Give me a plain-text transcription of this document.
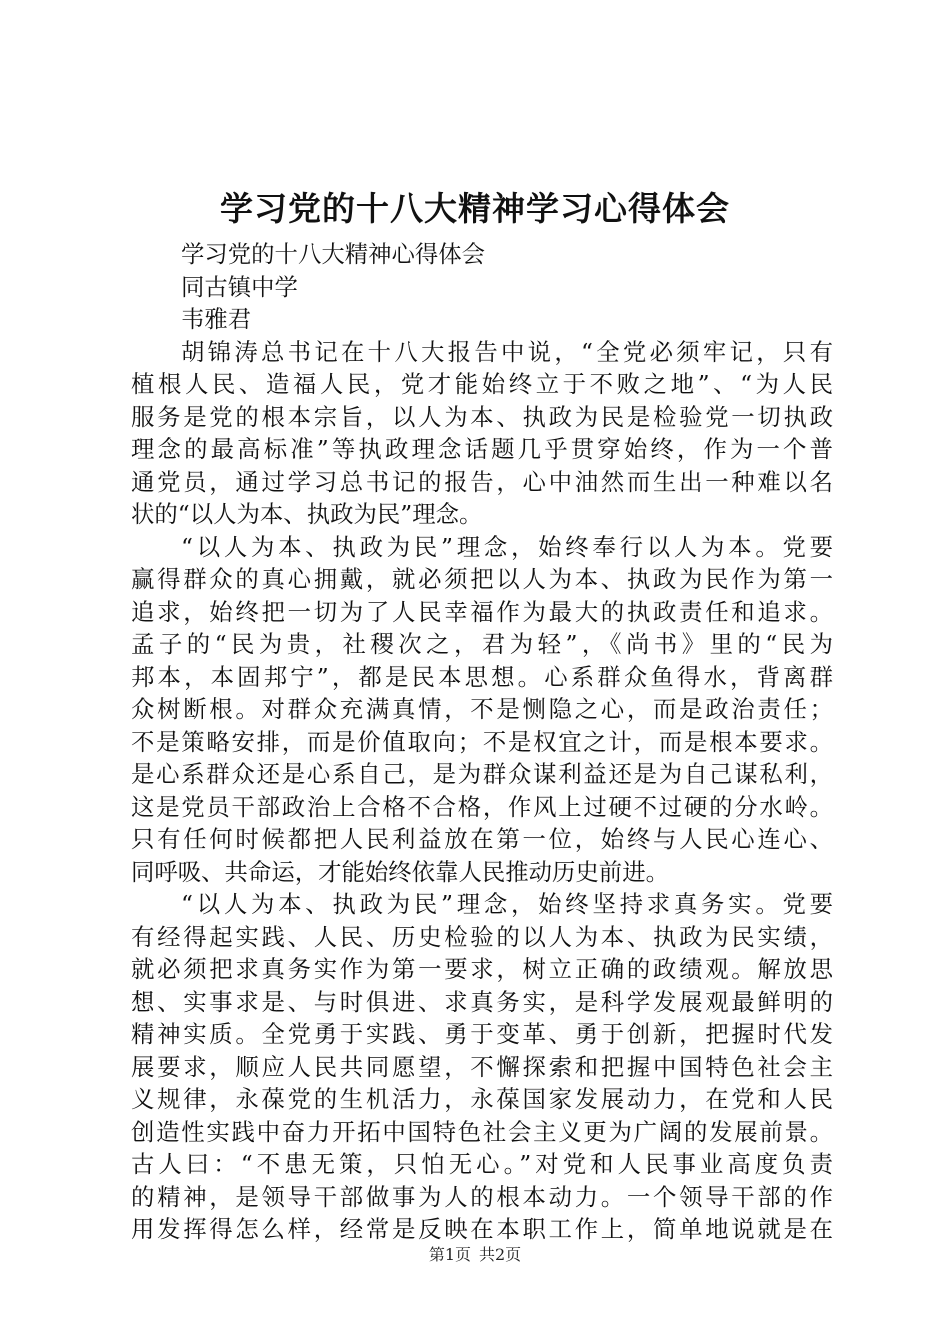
学习党的十八大精神学习心得体会
学习党的十八大精神心得体会
同古镇中学
韦雅君
胡锦涛总书记在十八大报告中说，“全党必须牢记，只有
植根人民、造福人民，党才能始终立于不败之地”、“为人民
服务是党的根本宗旨，以人为本、执政为民是检验党一切执政
理念的最高标准”等执政理念话题几乎贯穿始终，作为一个普
通党员，通过学习总书记的报告，心中油然而生出一种难以名
状的“以人为本、执政为民”理念。
“以人为本、执政为民”理念，始终奉行以人为本。党要
赢得群众的真心拥戴，就必须把以人为本、执政为民作为第一
追求，始终把一切为了人民幸福作为最大的执政责任和追求。
孟子的“民为贵，社稷次之，君为轻”，《尚书》里的“民为
邦本，本固邦宁”，都是民本思想。心系群众鱼得水，背离群
众树断根。对群众充满真情，不是恻隐之心，而是政治责任；
不是策略安排，而是价值取向；不是权宜之计，而是根本要求。
是心系群众还是心系自己，是为群众谋利益还是为自己谋私利，
这是党员干部政治上合格不合格，作风上过硬不过硬的分水岭。
只有任何时候都把人民利益放在第一位，始终与人民心连心、
同呼吸、共命运，才能始终依靠人民推动历史前进。
“以人为本、执政为民”理念，始终坚持求真务实。党要
有经得起实践、人民、历史检验的以人为本、执政为民实绩，
就必须把求真务实作为第一要求，树立正确的政绩观。解放思
想、实事求是、与时俱进、求真务实，是科学发展观最鲜明的
精神实质。全党勇于实践、勇于变革、勇于创新，把握时代发
展要求，顺应人民共同愿望，不懈探索和把握中国特色社会主
义规律，永葆党的生机活力，永葆国家发展动力，在党和人民
创造性实践中奋力开拓中国特色社会主义更为广阔的发展前景。
古人曰：“不患无策，只怕无心。”对党和人民事业高度负责
的精神，是领导干部做事为人的根本动力。一个领导干部的作
用发挥得怎么样，经常是反映在本职工作上，简单地说就是在
第1页 共2页
